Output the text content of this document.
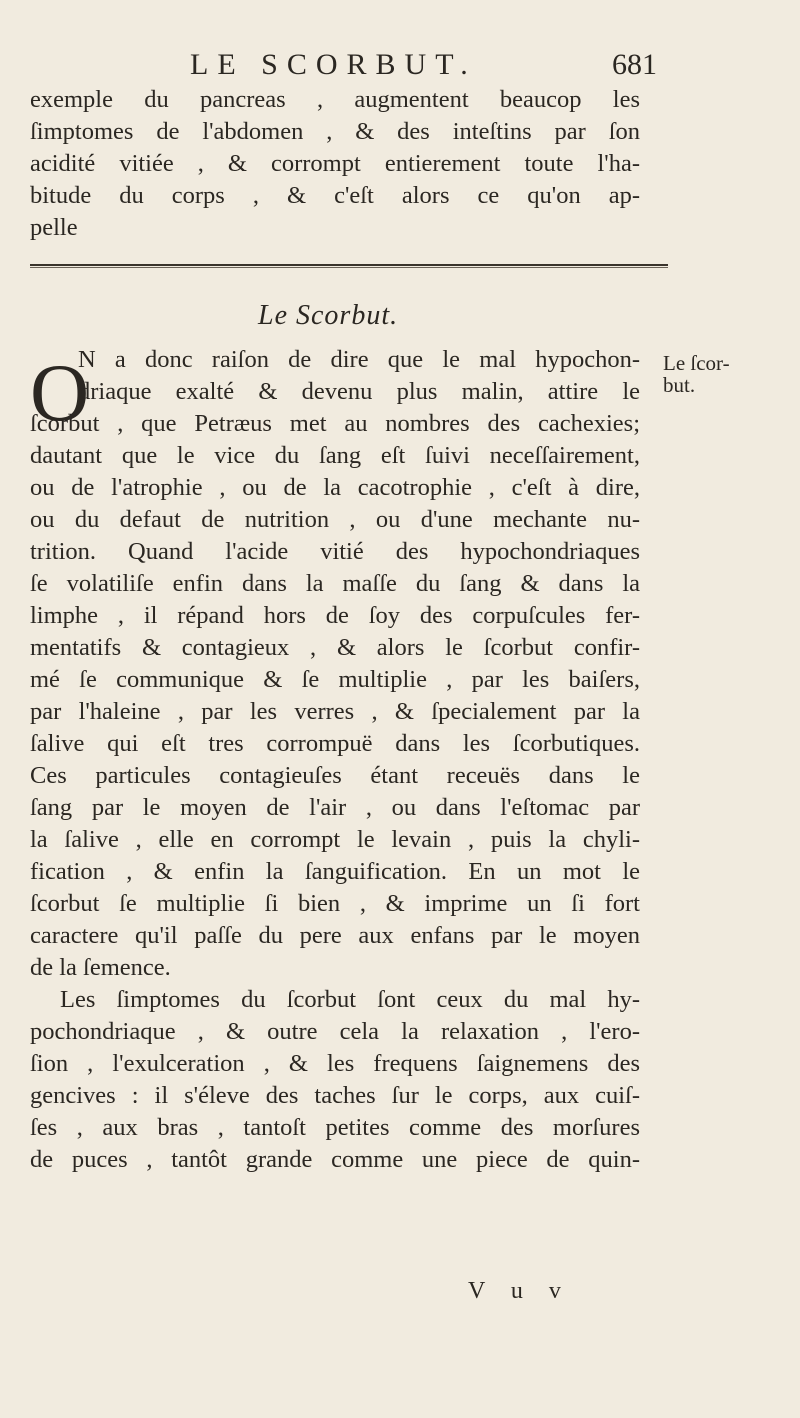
LE SCORBUT.	681
exemple du pancreas , augmentent beaucop les
ſimptomes de l'abdomen , & des inteſtins par ſon
acidité vitiée , & corrompt entierement toute l'ha-
bitude du corps , & c'eſt alors ce qu'on ap-
pelle
Le Scorbut.
O	Le ſcor-
but.
N a donc raiſon de dire que le mal hypochon-
driaque exalté & devenu plus malin, attire le
ſcorbut , que Petræus met au nombres des cachexies;
dautant que le vice du ſang eſt ſuivi neceſſairement,
ou de l'atrophie , ou de la cacotrophie , c'eſt à dire,
ou du defaut de nutrition , ou d'une mechante nu-
trition. Quand l'acide vitié des hypochondriaques
ſe volatiliſe enfin dans la maſſe du ſang & dans la
limphe , il répand hors de ſoy des corpuſcules fer-
mentatifs & contagieux , & alors le ſcorbut confir-
mé ſe communique & ſe multiplie , par les baiſers,
par l'haleine , par les verres , & ſpecialement par la
ſalive qui eſt tres corrompuë dans les ſcorbutiques.
Ces particules contagieuſes étant receuës dans le
ſang par le moyen de l'air , ou dans l'eſtomac par
la ſalive , elle en corrompt le levain , puis la chyli-
fication , & enfin la ſanguification. En un mot le
ſcorbut ſe multiplie ſi bien , & imprime un ſi fort
caractere qu'il paſſe du pere aux enfans par le moyen
de la ſemence.
Les ſimptomes du ſcorbut ſont ceux du mal hy-
pochondriaque , & outre cela la relaxation , l'ero-
ſion , l'exulceration , & les frequens ſaignemens des
gencives : il s'éleve des taches ſur le corps, aux cuiſ-
ſes , aux bras , tantoſt petites comme des morſures
de puces , tantôt grande comme une piece de quin-
V u v
